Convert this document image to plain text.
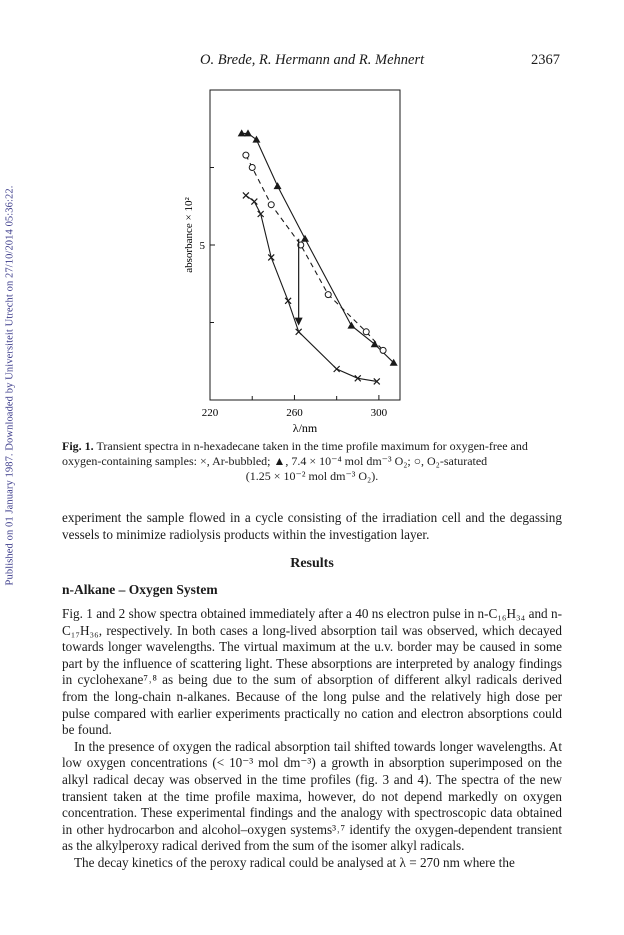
Published on 01 January 1987. Downloaded by Universiteit Utrecht on 27/10/2014 05:36:22.
O. Brede, R. Hermann and R. Mehnert	2367
220	260	300
5
absorbance × 10²
λ/nm
Fig. 1. Transient spectra in n-hexadecane taken in the time profile maximum for oxygen-free and oxygen-containing samples: ×, Ar-bubbled; ▲, 7.4 × 10⁻⁴ mol dm⁻³ O₂; ○, O₂-saturated
(1.25 × 10⁻² mol dm⁻³ O₂).
experiment the sample flowed in a cycle consisting of the irradiation cell and the degassing vessels to minimize radiolysis products within the investigation layer.
Results
n-Alkane – Oxygen System

Fig. 1 and 2 show spectra obtained immediately after a 40 ns electron pulse in n-C₁₆H₃₄ and n-C₁₇H₃₆, respectively. In both cases a long-lived absorption tail was observed, which decayed towards longer wavelengths. The virtual maximum at the u.v. border may be caused in some part by the influence of scattering light. These absorptions are interpreted by analogy findings in cyclohexane⁷˒⁸ as being due to the sum of absorption of different alkyl radicals derived from the long-chain n-alkanes. Because of the long pulse and the relatively high dose per pulse compared with earlier experiments practically no cation and electron absorptions could be found.

In the presence of oxygen the radical absorption tail shifted towards longer wavelengths. At low oxygen concentrations (< 10⁻³ mol dm⁻³) a growth in absorption superimposed on the alkyl radical decay was observed in the time profiles (fig. 3 and 4). The spectra of the new transient taken at the time profile maxima, however, do not depend markedly on oxygen concentration. These experimental findings and the analogy with spectroscopic data obtained in other hydrocarbon and alcohol–oxygen systems³˒⁷ identify the oxygen-dependent transient as the alkylperoxy radical derived from the sum of the isomer alkyl radicals.

The decay kinetics of the peroxy radical could be analysed at λ = 270 nm where the
